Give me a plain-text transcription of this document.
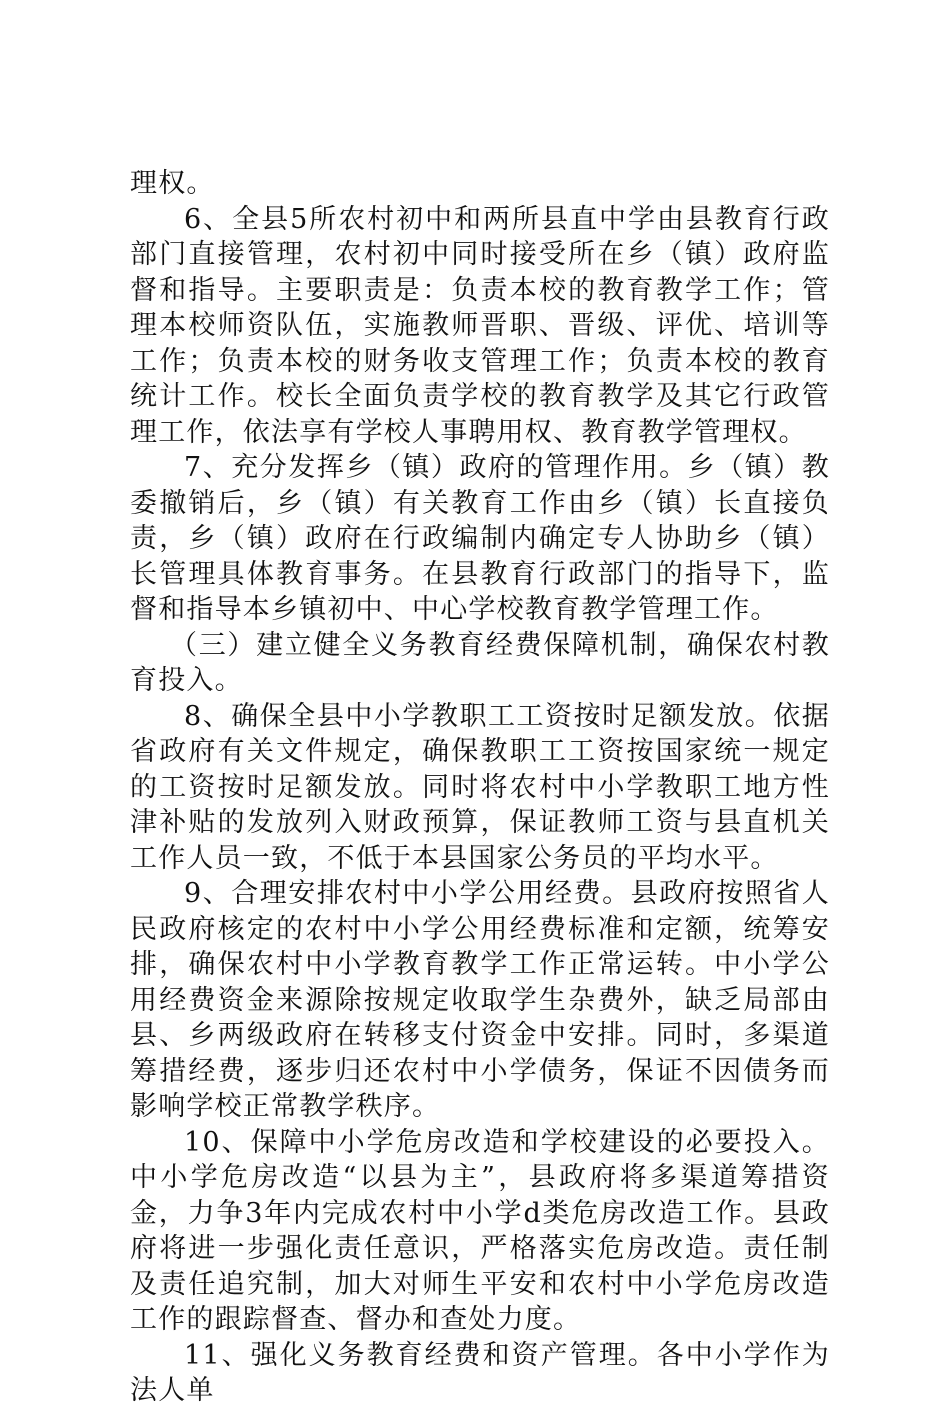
理权。

6、全县5所农村初中和两所县直中学由县教育行政部门直接管理，农村初中同时接受所在乡（镇）政府监督和指导。主要职责是：负责本校的教育教学工作；管理本校师资队伍，实施教师晋职、晋级、评优、培训等工作；负责本校的财务收支管理工作；负责本校的教育统计工作。校长全面负责学校的教育教学及其它行政管理工作，依法享有学校人事聘用权、教育教学管理权。

7、充分发挥乡（镇）政府的管理作用。乡（镇）教委撤销后，乡（镇）有关教育工作由乡（镇）长直接负责，乡（镇）政府在行政编制内确定专人协助乡（镇）长管理具体教育事务。在县教育行政部门的指导下，监督和指导本乡镇初中、中心学校教育教学管理工作。

（三）建立健全义务教育经费保障机制，确保农村教育投入。

8、确保全县中小学教职工工资按时足额发放。依据省政府有关文件规定，确保教职工工资按国家统一规定的工资按时足额发放。同时将农村中小学教职工地方性津补贴的发放列入财政预算，保证教师工资与县直机关工作人员一致，不低于本县国家公务员的平均水平。

9、合理安排农村中小学公用经费。县政府按照省人民政府核定的农村中小学公用经费标准和定额，统筹安排，确保农村中小学教育教学工作正常运转。中小学公用经费资金来源除按规定收取学生杂费外，缺乏局部由县、乡两级政府在转移支付资金中安排。同时，多渠道筹措经费，逐步归还农村中小学债务，保证不因债务而影响学校正常教学秩序。

10、保障中小学危房改造和学校建设的必要投入。中小学危房改造“以县为主”，县政府将多渠道筹措资金，力争3年内完成农村中小学d类危房改造工作。县政府将进一步强化责任意识，严格落实危房改造。责任制及责任追究制，加大对师生平安和农村中小学危房改造工作的跟踪督查、督办和查处力度。

11、强化义务教育经费和资产管理。各中小学作为法人单
